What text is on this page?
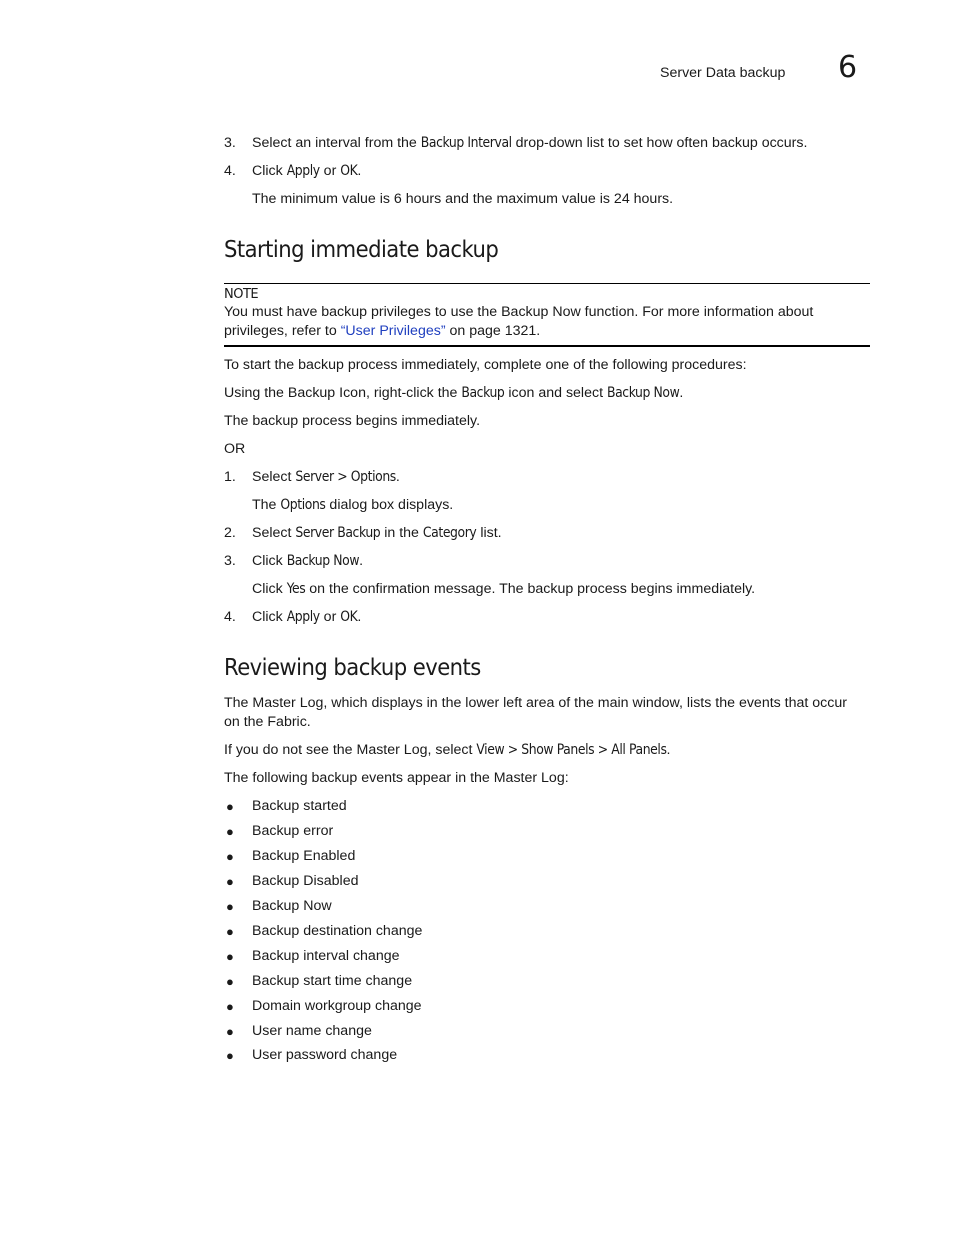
Server Data backup 6
3. Select an interval from the Backup Interval drop-down list to set how often backup occurs.
4. Click Apply or OK.
The minimum value is 6 hours and the maximum value is 24 hours.
Starting immediate backup
NOTE
You must have backup privileges to use the Backup Now function. For more information about
privileges, refer to “User Privileges” on page 1321.
To start the backup process immediately, complete one of the following procedures:
Using the Backup Icon, right-click the Backup icon and select Backup Now.
The backup process begins immediately.
OR
1. Select Server > Options.
The Options dialog box displays.
2. Select Server Backup in the Category list.
3. Click Backup Now.
Click Yes on the confirmation message. The backup process begins immediately.
4. Click Apply or OK.
Reviewing backup events
The Master Log, which displays in the lower left area of the main window, lists the events that occur
on the Fabric.
If you do not see the Master Log, select View > Show Panels > All Panels.
The following backup events appear in the Master Log:
● Backup started
● Backup error
● Backup Enabled
● Backup Disabled
● Backup Now
● Backup destination change
● Backup interval change
● Backup start time change
● Domain workgroup change
● User name change
● User password change
